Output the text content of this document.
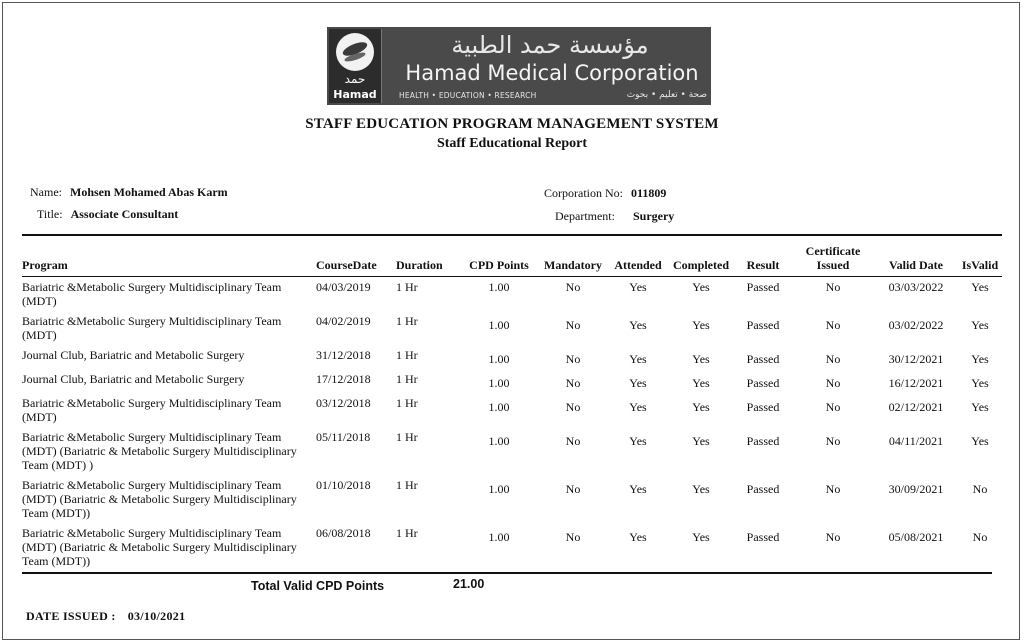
حمد
Hamad
مؤسسة حمد الطبية
Hamad Medical Corporation
HEALTH • EDUCATION • RESEARCH	صحة • تعليم • بحوث
STAFF EDUCATION PROGRAM MANAGEMENT SYSTEM
Staff Educational Report
Name: Mohsen Mohamed Abas Karm
Title: Associate Consultant
Corporation No: 011809
Department: Surgery
Program	CourseDate	Duration	CPD Points	Mandatory	Attended	Completed	Result	Certificate Issued	Valid Date	IsValid
Bariatric &Metabolic Surgery Multidisciplinary Team (MDT)	04/03/2019	1 Hr	1.00	No	Yes	Yes	Passed	No	03/03/2022	Yes
Bariatric &Metabolic Surgery Multidisciplinary Team (MDT)	04/02/2019	1 Hr	1.00	No	Yes	Yes	Passed	No	03/02/2022	Yes
Journal Club, Bariatric and Metabolic Surgery	31/12/2018	1 Hr	1.00	No	Yes	Yes	Passed	No	30/12/2021	Yes
Journal Club, Bariatric and Metabolic Surgery	17/12/2018	1 Hr	1.00	No	Yes	Yes	Passed	No	16/12/2021	Yes
Bariatric &Metabolic Surgery Multidisciplinary Team (MDT)	03/12/2018	1 Hr	1.00	No	Yes	Yes	Passed	No	02/12/2021	Yes
Bariatric &Metabolic Surgery Multidisciplinary Team (MDT) (Bariatric & Metabolic Surgery Multidisciplinary Team (MDT) )	05/11/2018	1 Hr	1.00	No	Yes	Yes	Passed	No	04/11/2021	Yes
Bariatric &Metabolic Surgery Multidisciplinary Team (MDT) (Bariatric & Metabolic Surgery Multidisciplinary Team (MDT))	01/10/2018	1 Hr	1.00	No	Yes	Yes	Passed	No	30/09/2021	No
Bariatric &Metabolic Surgery Multidisciplinary Team (MDT) (Bariatric & Metabolic Surgery Multidisciplinary Team (MDT))	06/08/2018	1 Hr	1.00	No	Yes	Yes	Passed	No	05/08/2021	No
Total Valid CPD Points	21.00
DATE ISSUED : 03/10/2021
